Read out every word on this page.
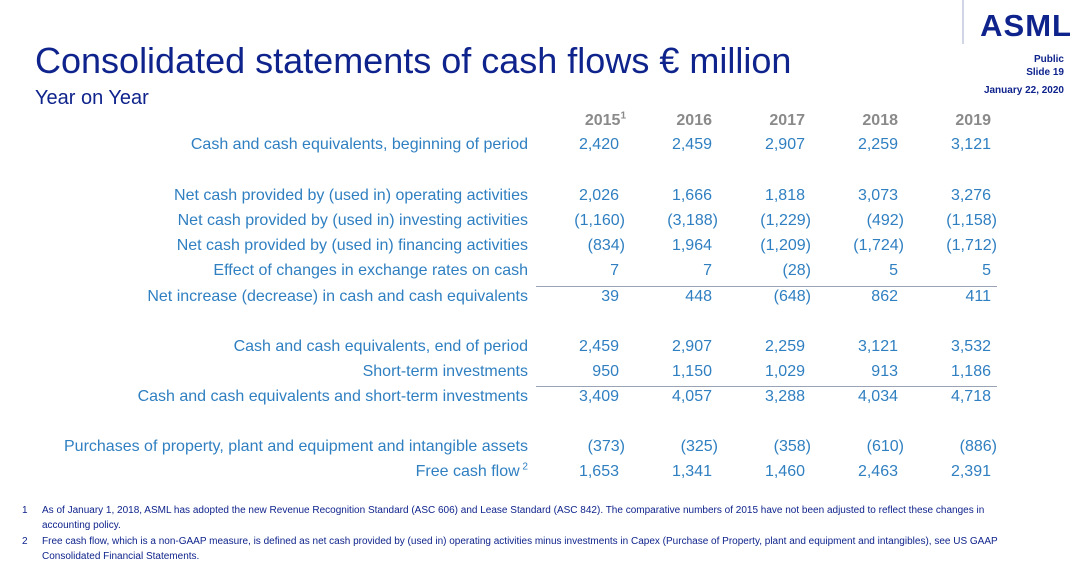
ASML
Public
Slide 19
January 22, 2020
Consolidated statements of cash flows € million
Year on Year
2015$^1$	2016	2017	2018	2019
Cash and cash equivalents, beginning of period	2,420	2,459	2,907	2,259	3,121
Net cash provided by (used in) operating activities	2,026	1,666	1,818	3,073	3,276
Net cash provided by (used in) investing activities	(1,160)	(3,188)	(1,229)	(492)	(1,158)
Net cash provided by (used in) financing activities	(834)	1,964	(1,209)	(1,724)	(1,712)
Effect of changes in exchange rates on cash	7	7	(28)	5	5
Net increase (decrease) in cash and cash equivalents	39	448	(648)	862	411
Cash and cash equivalents, end of period	2,459	2,907	2,259	3,121	3,532
Short-term investments	950	1,150	1,029	913	1,186
Cash and cash equivalents and short-term investments	3,409	4,057	3,288	4,034	4,718
Purchases of property, plant and equipment and intangible assets	(373)	(325)	(358)	(610)	(886)
Free cash flow $^2$	1,653	1,341	1,460	2,463	2,391
1	As of January 1, 2018, ASML has adopted the new Revenue Recognition Standard (ASC 606) and Lease Standard (ASC 842). The comparative numbers of 2015 have not been adjusted to reflect these changes in accounting policy.
2	Free cash flow, which is a non-GAAP measure, is defined as net cash provided by (used in) operating activities minus investments in Capex (Purchase of Property, plant and equipment and intangibles), see US GAAP Consolidated Financial Statements.
